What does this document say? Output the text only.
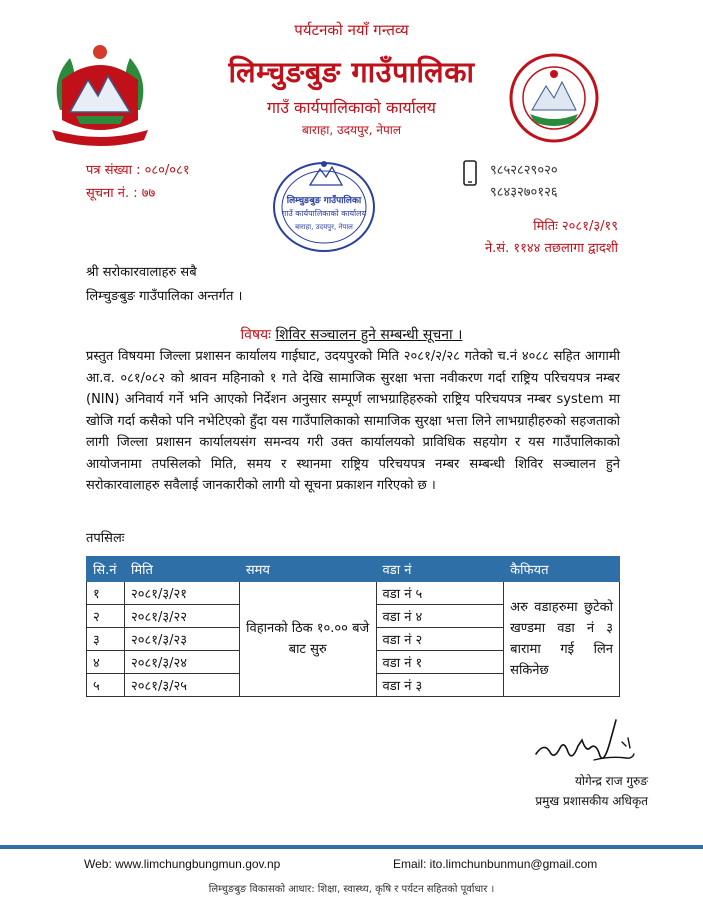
पर्यटनको नयाँ गन्तव्य
लिम्चुङबुङ गाउँपालिका
गाउँ कार्यपालिकाको कार्यालय
बाराहा, उदयपुर, नेपाल
पत्र संख्या : ०८०/०८१
सूचना नं. : ७७
९८५२८२९०२०
९८४३२७०१२६
लिम्चुङबुङ गाउँपालिका
गाउँ कार्यपालिकाको कार्यालय
बाराहा, उदयपुर, नेपाल	मितिः २०८१/३/१९
ने.सं. ११४४ तछलागा द्वादशी
श्री सरोकारवालाहरु सबै
लिम्चुङबुङ गाउँपालिका अन्तर्गत ।
विषयः शिविर सञ्चालन हुने सम्बन्धी सूचना ।
प्रस्तुत विषयमा जिल्ला प्रशासन कार्यालय गाईघाट, उदयपुरको मिति २०८१/२/२८ गतेको च.नं ४०८८ सहित आगामी आ.व. ०८१/०८२ को श्रावन महिनाको १ गते देखि सामाजिक सुरक्षा भत्ता नवीकरण गर्दा राष्ट्रिय परिचयपत्र नम्बर (NIN) अनिवार्य गर्ने भनि आएको निर्देशन अनुसार सम्पूर्ण लाभग्राहिहरुको राष्ट्रिय परिचयपत्र नम्बर system मा खोजि गर्दा कसैको पनि नभेटिएको हुँदा यस गाउँपालिकाको सामाजिक सुरक्षा भत्ता लिने लाभग्राहीहरुको सहजताको लागी जिल्ला प्रशासन कार्यालयसंग समन्वय गरी उक्त कार्यालयको प्राविधिक सहयोग र यस गाउँपालिकाको आयोजनामा तपसिलको मिति, समय र स्थानमा राष्ट्रिय परिचयपत्र नम्बर सम्बन्धी शिविर सञ्चालन हुने सरोकारवालाहरु सवैलाई जानकारीको लागी यो सूचना प्रकाशन गरिएको छ ।
तपसिलः
सि.नं	मिति	समय	वडा नं	कैफियत
१	२०८१/३/२१	विहानको ठिक १०.०० बजे बाट सुरु	वडा नं ५	अरु वडाहरुमा छुटेको खण्डमा वडा नं ३ बारामा गई लिन सकिनेछ
२	२०८१/३/२२		वडा नं ४	
३	२०८१/३/२३		वडा नं २	
४	२०८१/३/२४		वडा नं १	
५	२०८१/३/२५		वडा नं ३	
योगेन्द्र राज गुरुङ
प्रमुख प्रशासकीय अधिकृत
Web: www.limchungbungmun.gov.np	Email: ito.limchunbunmun@gmail.com
लिम्चुङबुङ विकासको आधार: शिक्षा, स्वास्थ्य, कृषि र पर्यटन सहितको पूर्वाधार ।
